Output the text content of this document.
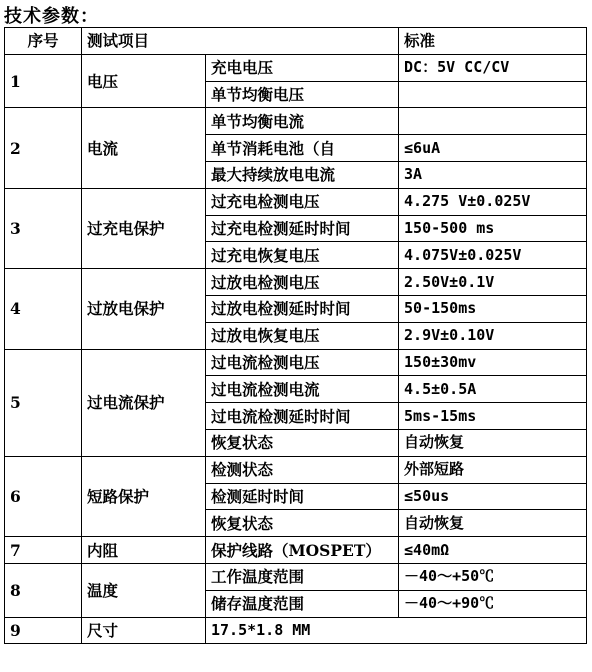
技术参数：
序号	测试项目		标准
1	电压	充电电压	DC：5V CC/CV
		单节均衡电压	
2	电流	单节均衡电流	
		单节消耗电池（自	≤6uA
		最大持续放电电流	3A
3	过充电保护	过充电检测电压	4.275 V±0.025V
		过充电检测延时时间	150-500 ms
		过充电恢复电压	4.075V±0.025V
4	过放电保护	过放电检测电压	2.50V±0.1V
		过放电检测延时时间	50-150ms
		过放电恢复电压	2.9V±0.10V
5	过电流保护	过电流检测电压	150±30mv
		过电流检测电流	4.5±0.5A
		过电流检测延时时间	5ms-15ms
		恢复状态	自动恢复
6	短路保护	检测状态	外部短路
		检测延时时间	≤50us
		恢复状态	自动恢复
7	内阻	保护线路（MOSPET）	≤40mΩ
8	温度	工作温度范围	－40～+50℃
		储存温度范围	－40～+90℃
9	尺寸	17.5*1.8 MM	
